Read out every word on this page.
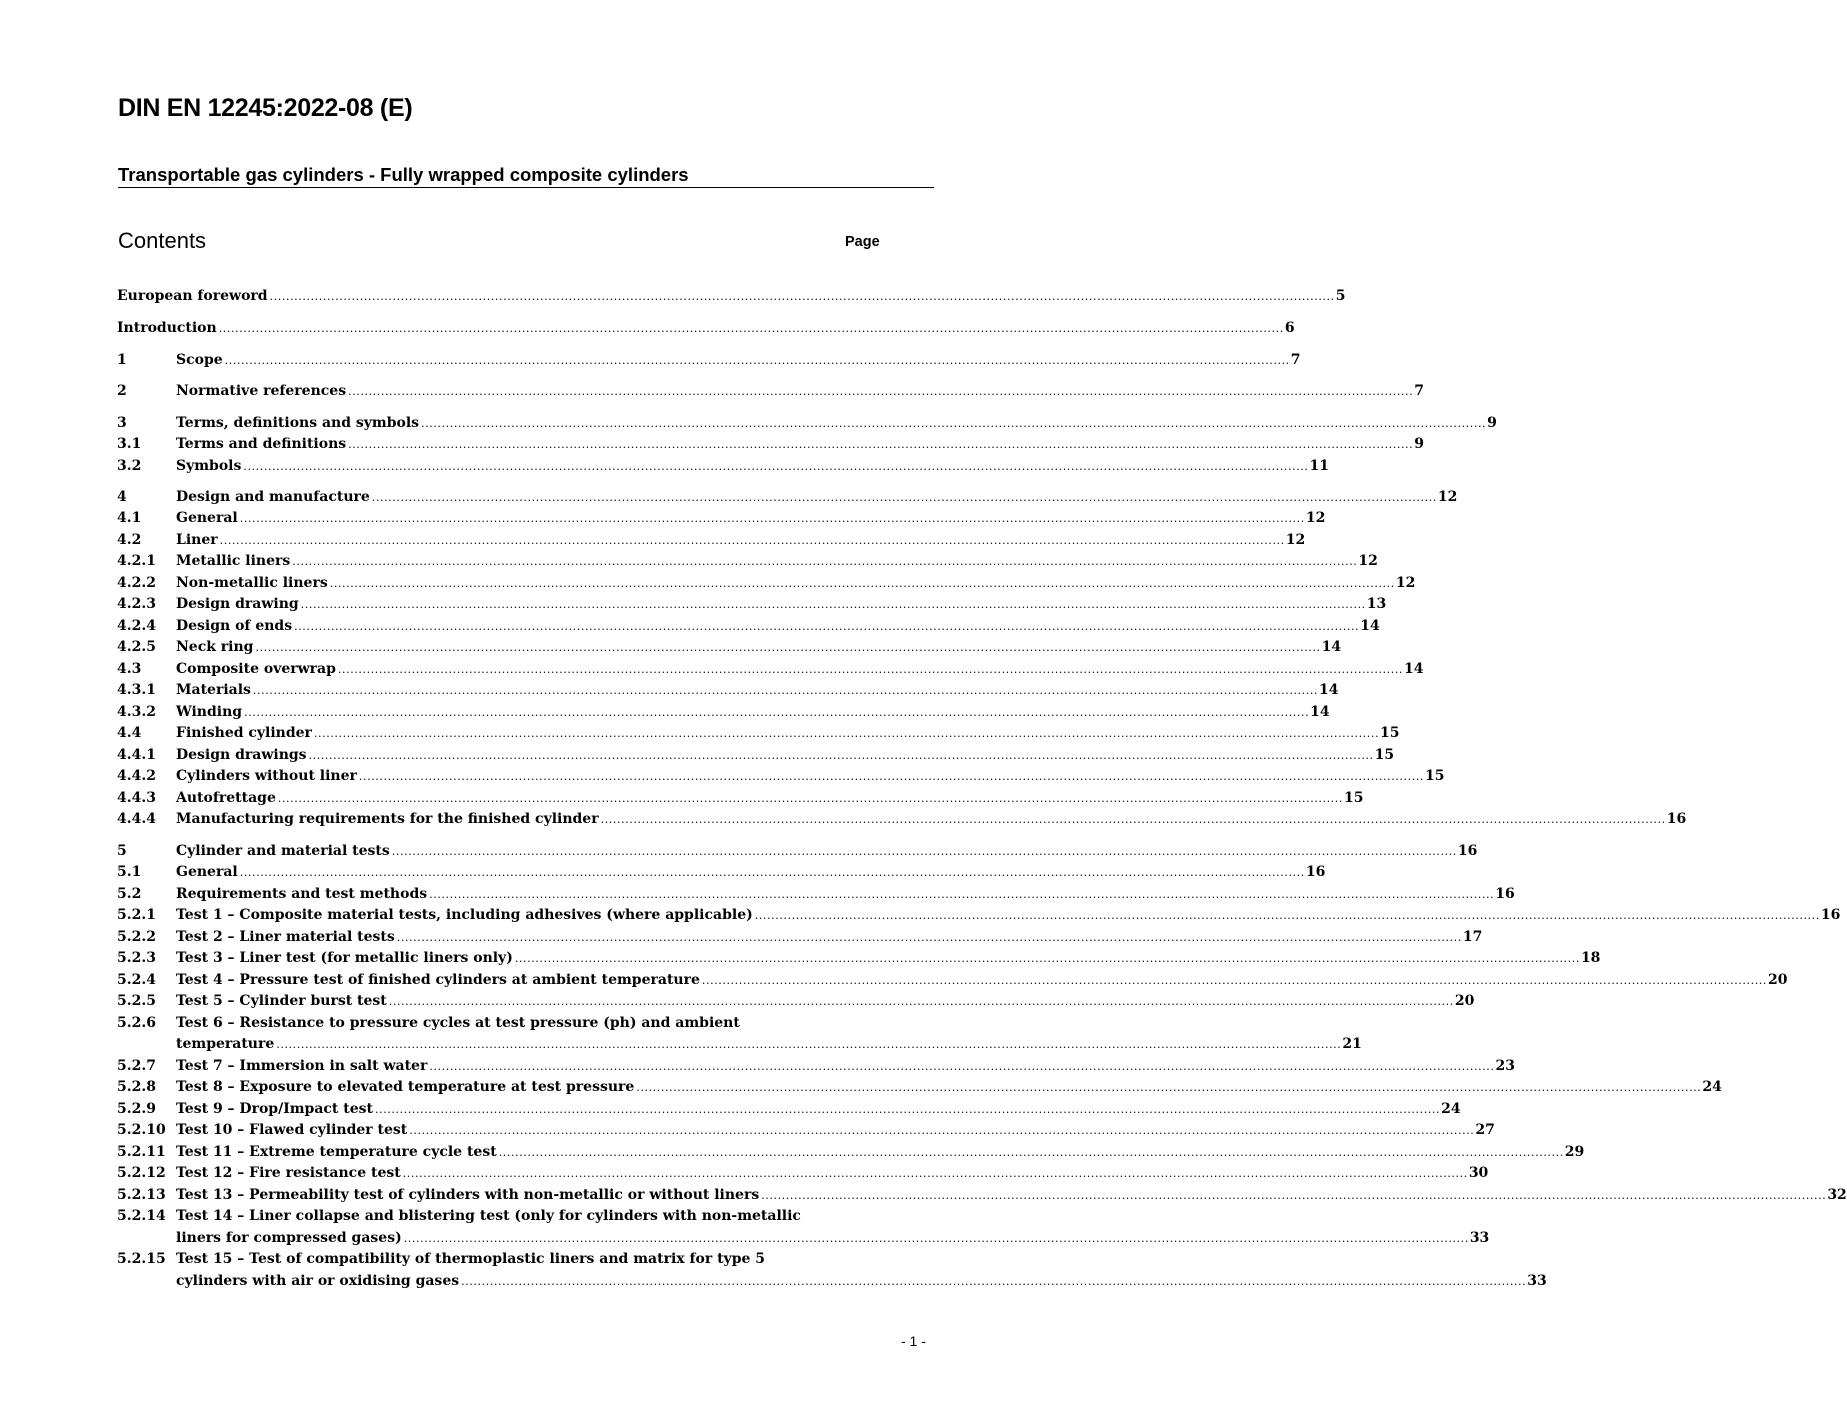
DIN EN 12245:2022-08 (E)
Transportable gas cylinders - Fully wrapped composite cylinders
Contents	Page
European foreword .................................................................................................................................................................................................................................................................... 5
Introduction .................................................................................................................................................................................................................................................................... 6
1	Scope .................................................................................................................................................................................................................................................................... 7
2	Normative references .................................................................................................................................................................................................................................................................... 7
3	Terms, definitions and symbols .................................................................................................................................................................................................................................................................... 9
3.1 Terms and definitions .................................................................................................................................................................................................................................................................... 9
3.2 Symbols .................................................................................................................................................................................................................................................................... 11
4	Design and manufacture .................................................................................................................................................................................................................................................................... 12
4.1 General .................................................................................................................................................................................................................................................................... 12
4.2 Liner .................................................................................................................................................................................................................................................................... 12
4.2.1 Metallic liners .................................................................................................................................................................................................................................................................... 12
4.2.2 Non-metallic liners .................................................................................................................................................................................................................................................................... 12
4.2.3 Design drawing .................................................................................................................................................................................................................................................................... 13
4.2.4 Design of ends .................................................................................................................................................................................................................................................................... 14
4.2.5 Neck ring .................................................................................................................................................................................................................................................................... 14
4.3 Composite overwrap .................................................................................................................................................................................................................................................................... 14
4.3.1 Materials .................................................................................................................................................................................................................................................................... 14
4.3.2 Winding .................................................................................................................................................................................................................................................................... 14
4.4 Finished cylinder .................................................................................................................................................................................................................................................................... 15
4.4.1 Design drawings .................................................................................................................................................................................................................................................................... 15
4.4.2 Cylinders without liner .................................................................................................................................................................................................................................................................... 15
4.4.3 Autofrettage .................................................................................................................................................................................................................................................................... 15
4.4.4 Manufacturing requirements for the finished cylinder .................................................................................................................................................................................................................................................................... 16
5	Cylinder and material tests .................................................................................................................................................................................................................................................................... 16
5.1 General .................................................................................................................................................................................................................................................................... 16
5.2 Requirements and test methods .................................................................................................................................................................................................................................................................... 16
5.2.1 Test 1 – Composite material tests, including adhesives (where applicable) .................................................................................................................................................................................................................................................................... 16
5.2.2 Test 2 – Liner material tests .................................................................................................................................................................................................................................................................... 17
5.2.3 Test 3 – Liner test (for metallic liners only) .................................................................................................................................................................................................................................................................... 18
5.2.4 Test 4 – Pressure test of finished cylinders at ambient temperature .................................................................................................................................................................................................................................................................... 20
5.2.5 Test 5 – Cylinder burst test .................................................................................................................................................................................................................................................................... 20
5.2.6 Test 6 – Resistance to pressure cycles at test pressure (ph) and ambient
temperature .................................................................................................................................................................................................................................................................... 21
5.2.7 Test 7 – Immersion in salt water .................................................................................................................................................................................................................................................................... 23
5.2.8 Test 8 – Exposure to elevated temperature at test pressure .................................................................................................................................................................................................................................................................... 24
5.2.9 Test 9 – Drop/Impact test .................................................................................................................................................................................................................................................................... 24
5.2.10 Test 10 – Flawed cylinder test .................................................................................................................................................................................................................................................................... 27
5.2.11 Test 11 – Extreme temperature cycle test .................................................................................................................................................................................................................................................................... 29
5.2.12 Test 12 – Fire resistance test .................................................................................................................................................................................................................................................................... 30
5.2.13 Test 13 – Permeability test of cylinders with non-metallic or without liners .................................................................................................................................................................................................................................................................... 32
5.2.14 Test 14 – Liner collapse and blistering test (only for cylinders with non-metallic
liners for compressed gases) .................................................................................................................................................................................................................................................................... 33
5.2.15 Test 15 – Test of compatibility of thermoplastic liners and matrix for type 5
cylinders with air or oxidising gases .................................................................................................................................................................................................................................................................... 33
- 1 -
